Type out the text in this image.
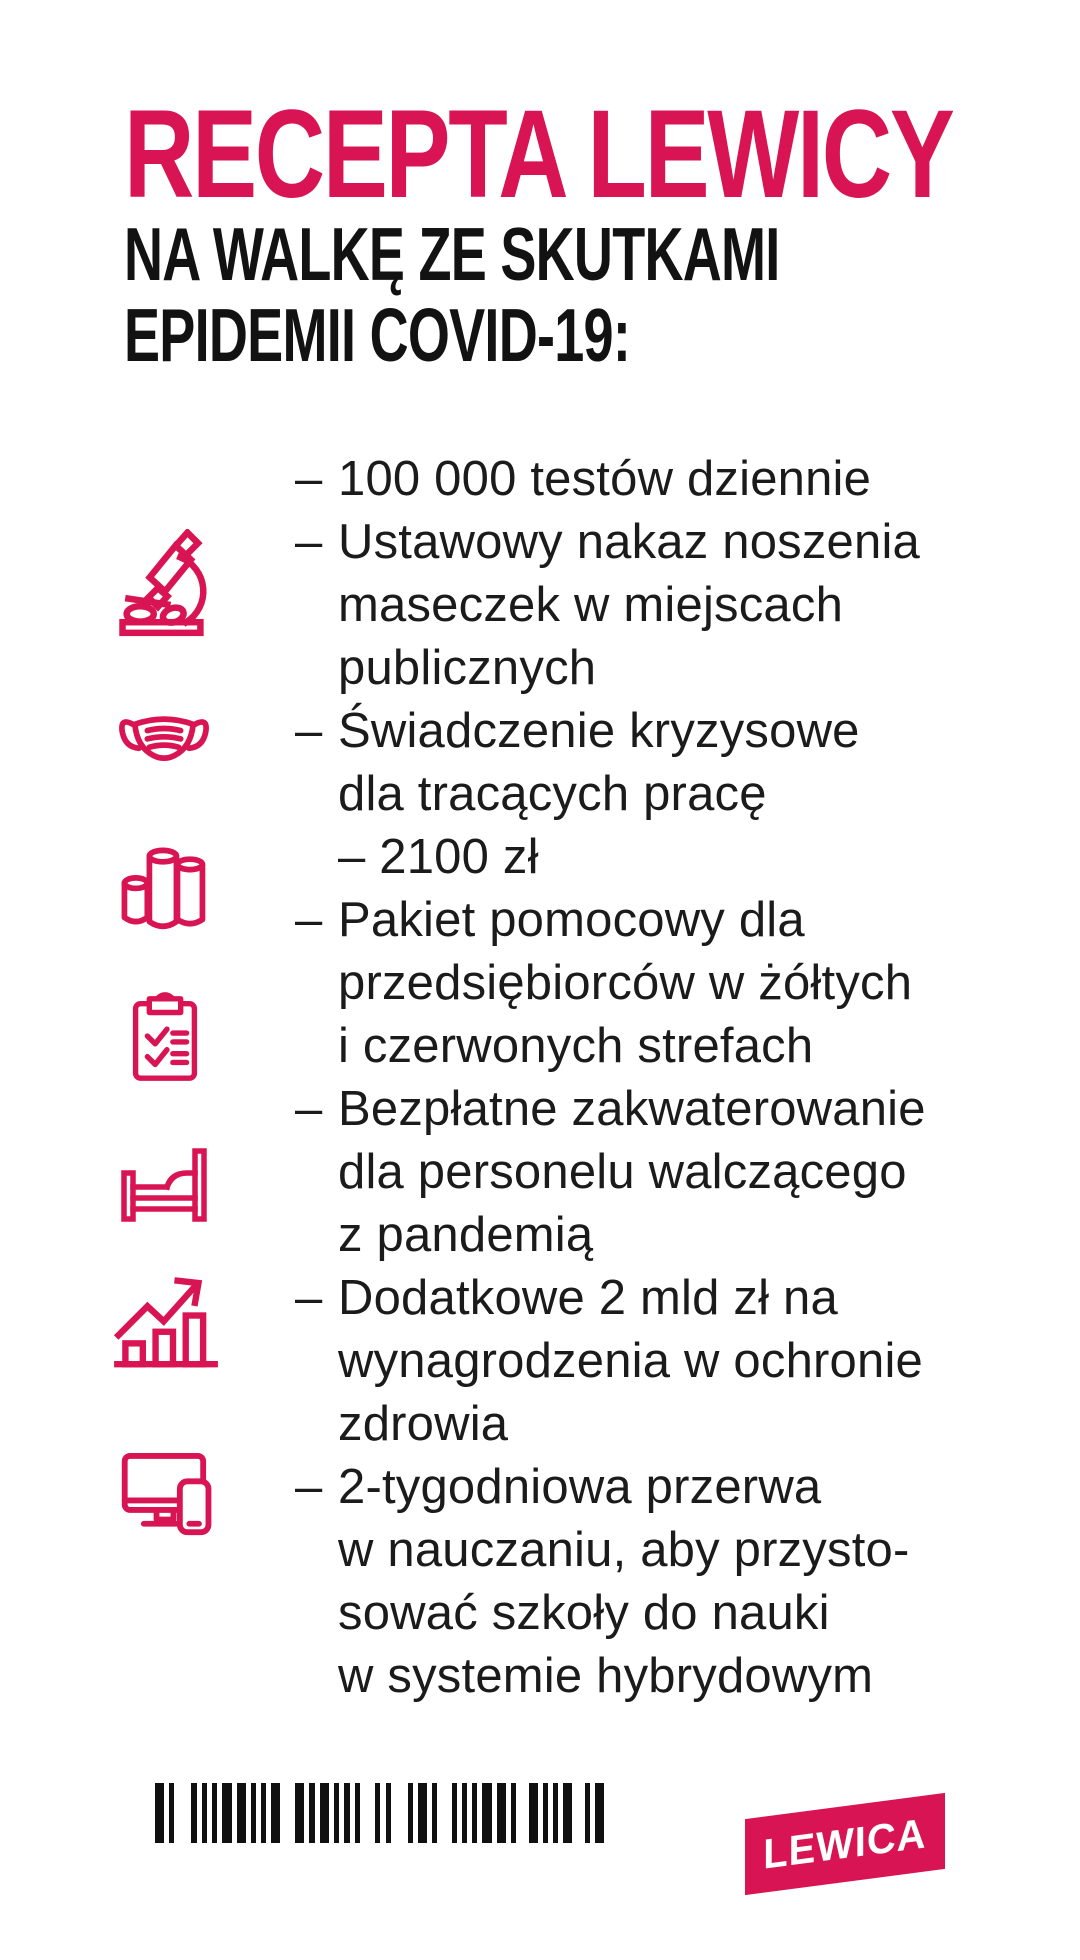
RECEPTA LEWICY
NA WALKĘ ZE SKUTKAMI
EPIDEMII COVID-19:
– 100 000 testów dziennie
– Ustawowy nakaz noszenia
maseczek w miejscach
publicznych
– Świadczenie kryzysowe
dla tracących pracę
– 2100 zł
– Pakiet pomocowy dla
przedsiębiorców w żółtych
i czerwonych strefach
– Bezpłatne zakwaterowanie
dla personelu walczącego
z pandemią
– Dodatkowe 2 mld zł na
wynagrodzenia w ochronie
zdrowia
– 2-tygodniowa przerwa
w nauczaniu, aby przysto-
sować szkoły do nauki
w systemie hybrydowym
LEWICA
